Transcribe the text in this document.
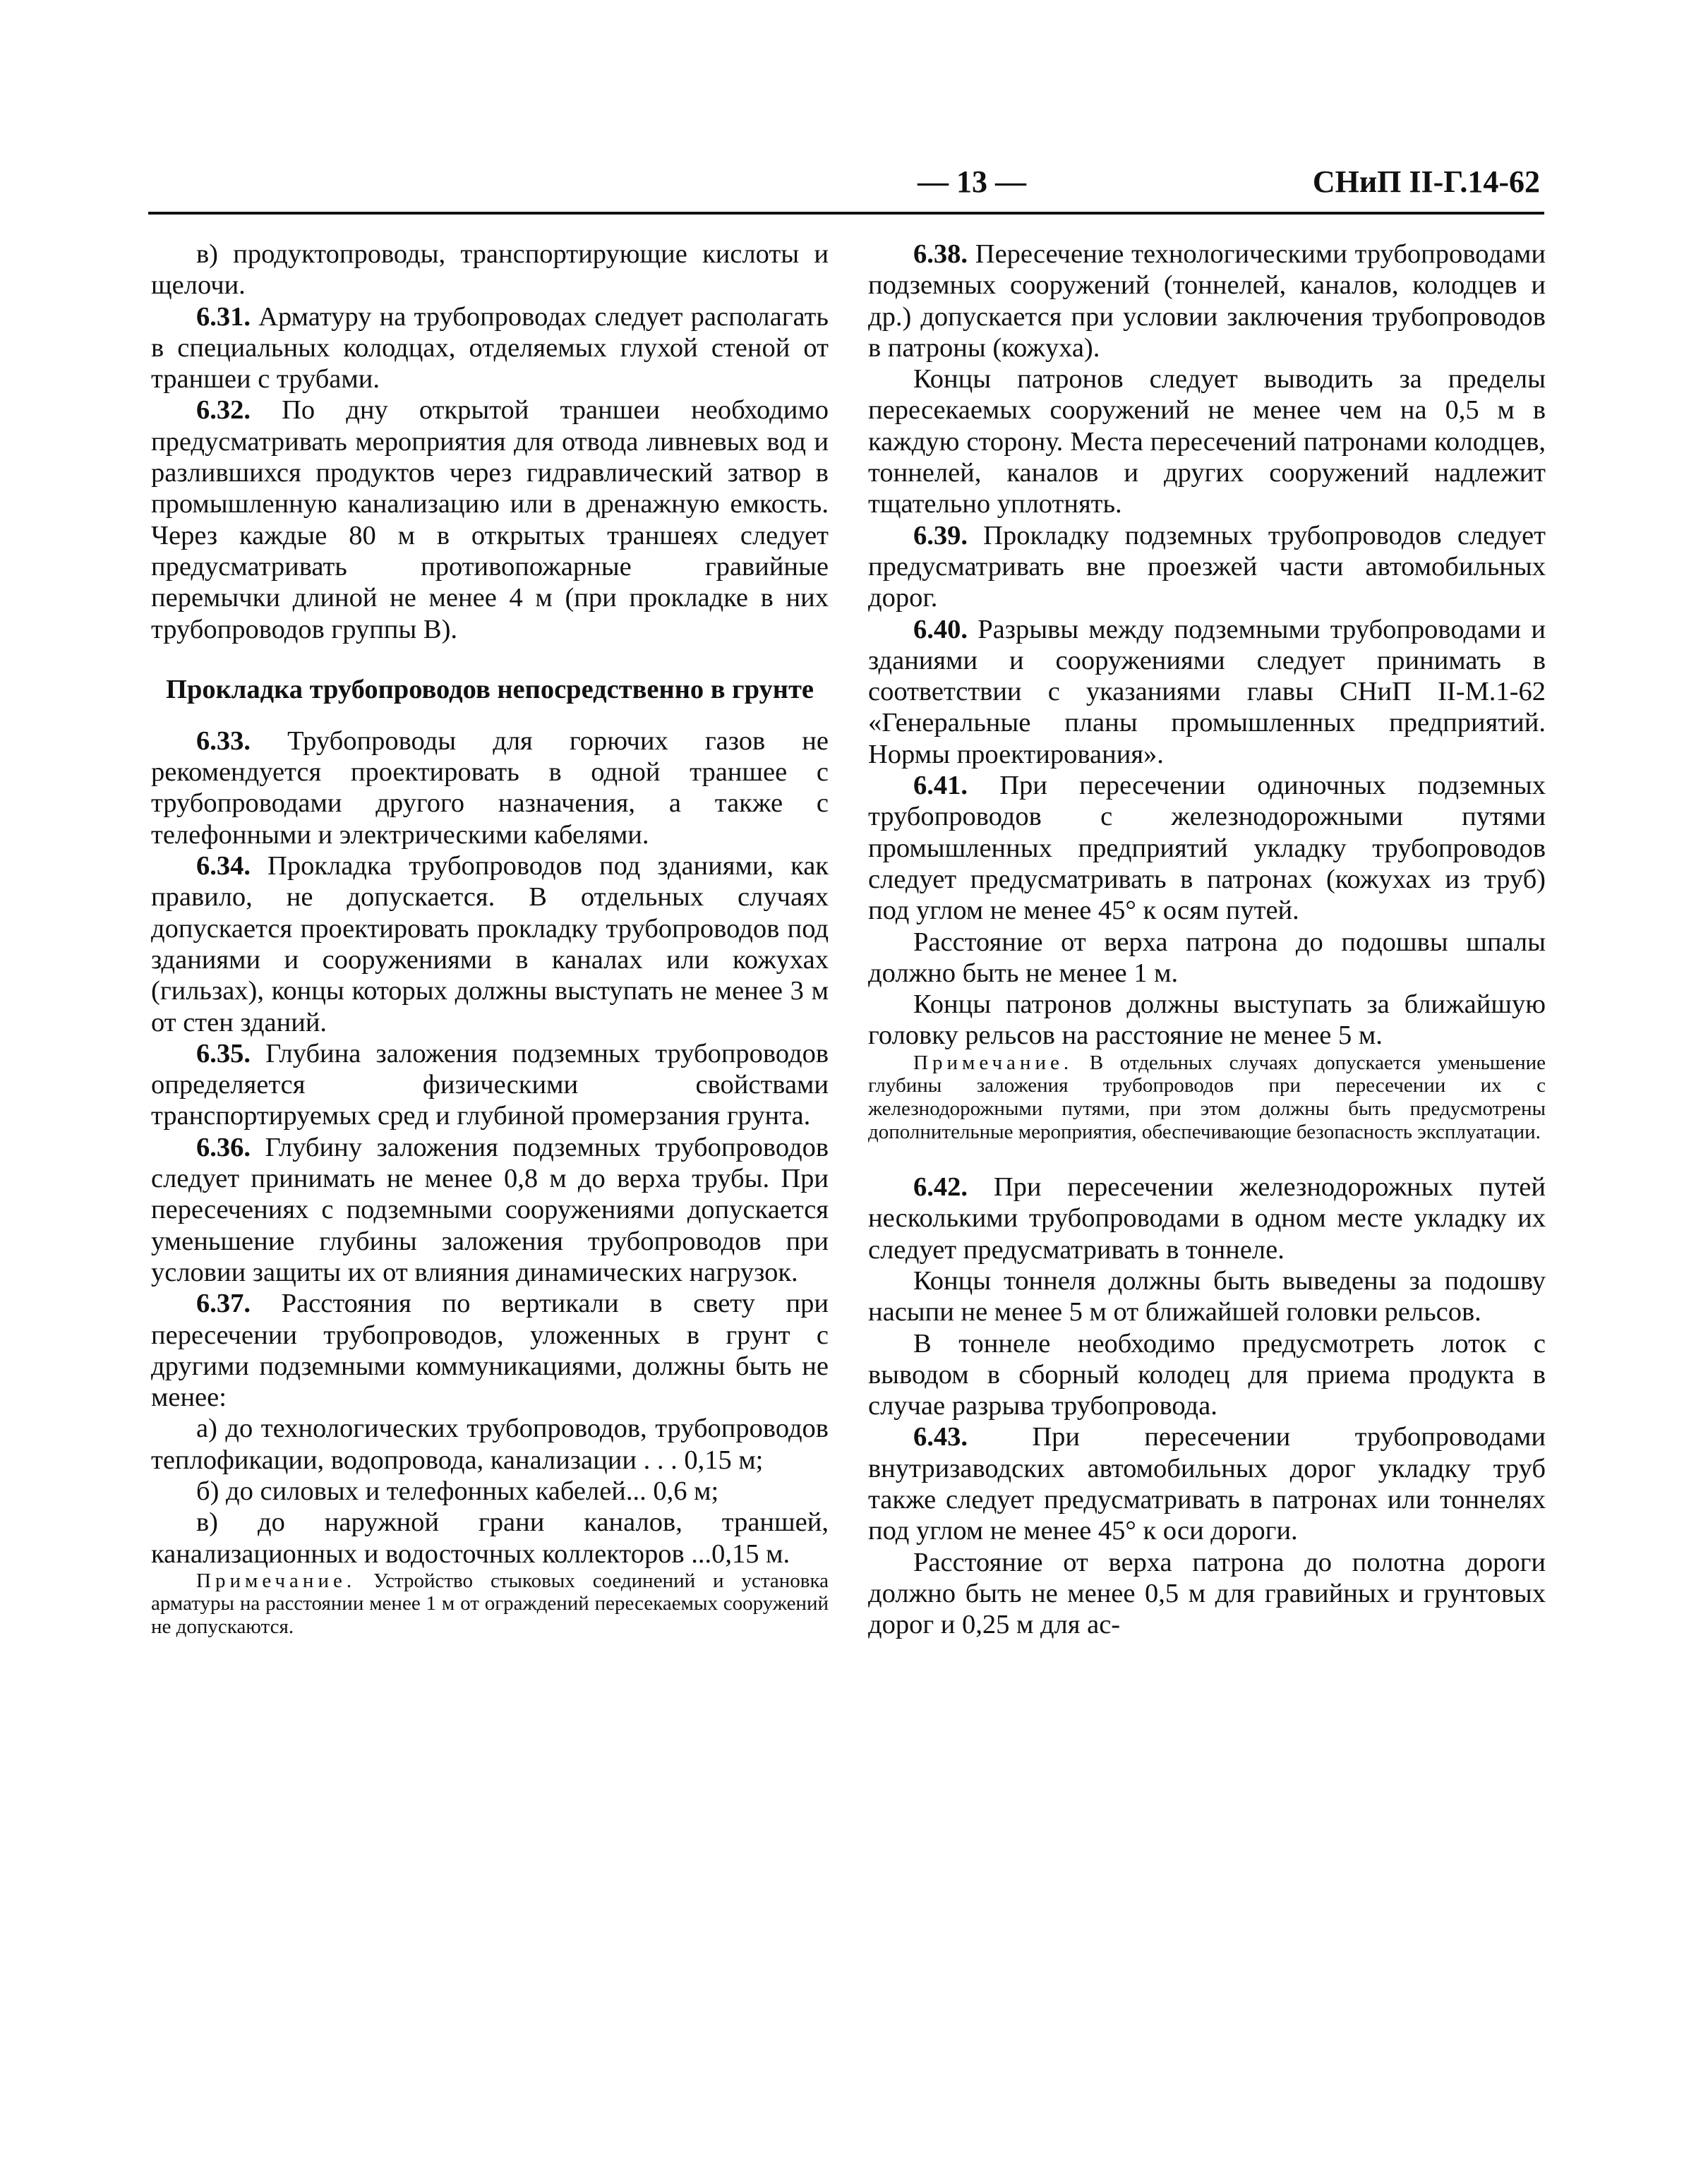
— 13 —	СНиП II-Г.14-62

в) продуктопроводы, транспортирующие кислоты и щелочи.

6.31. Арматуру на трубопроводах следует располагать в специальных колодцах, отделяемых глухой стеной от траншеи с трубами.

6.32. По дну открытой траншеи необходимо предусматривать мероприятия для отвода ливневых вод и разлившихся продуктов через гидравлический затвор в промышленную канализацию или в дренажную емкость. Через каждые 80 м в открытых траншеях следует предусматривать противопожарные гравийные перемычки длиной не менее 4 м (при прокладке в них трубопроводов группы В).

Прокладка трубопроводов непосредственно в грунте

6.33. Трубопроводы для горючих газов не рекомендуется проектировать в одной траншее с трубопроводами другого назначения, а также с телефонными и электрическими кабелями.

6.34. Прокладка трубопроводов под зданиями, как правило, не допускается. В отдельных случаях допускается проектировать прокладку трубопроводов под зданиями и сооружениями в каналах или кожухах (гильзах), концы которых должны выступать не менее 3 м от стен зданий.

6.35. Глубина заложения подземных трубопроводов определяется физическими свойствами транспортируемых сред и глубиной промерзания грунта.

6.36. Глубину заложения подземных трубопроводов следует принимать не менее 0,8 м до верха трубы. При пересечениях с подземными сооружениями допускается уменьшение глубины заложения трубопроводов при условии защиты их от влияния динамических нагрузок.

6.37. Расстояния по вертикали в свету при пересечении трубопроводов, уложенных в грунт с другими подземными коммуникациями, должны быть не менее:

а) до технологических трубопроводов, трубопроводов теплофикации, водопровода, канализации . . . 0,15 м;

б) до силовых и телефонных кабелей... 0,6 м;

в) до наружной грани каналов, траншей, канализационных и водосточных коллекторов ...0,15 м.

Примечание. Устройство стыковых соединений и установка арматуры на расстоянии менее 1 м от ограждений пересекаемых сооружений не допускаются.

6.38. Пересечение технологическими трубопроводами подземных сооружений (тоннелей, каналов, колодцев и др.) допускается при условии заключения трубопроводов в патроны (кожуха).

Концы патронов следует выводить за пределы пересекаемых сооружений не менее чем на 0,5 м в каждую сторону. Места пересечений патронами колодцев, тоннелей, каналов и других сооружений надлежит тщательно уплотнять.

6.39. Прокладку подземных трубопроводов следует предусматривать вне проезжей части автомобильных дорог.

6.40. Разрывы между подземными трубопроводами и зданиями и сооружениями следует принимать в соответствии с указаниями главы СНиП II-М.1-62 «Генеральные планы промышленных предприятий. Нормы проектирования».

6.41. При пересечении одиночных подземных трубопроводов с железнодорожными путями промышленных предприятий укладку трубопроводов следует предусматривать в патронах (кожухах из труб) под углом не менее 45° к осям путей.

Расстояние от верха патрона до подошвы шпалы должно быть не менее 1 м.

Концы патронов должны выступать за ближайшую головку рельсов на расстояние не менее 5 м.

Примечание. В отдельных случаях допускается уменьшение глубины заложения трубопроводов при пересечении их с железнодорожными путями, при этом должны быть предусмотрены дополнительные мероприятия, обеспечивающие безопасность эксплуатации.

6.42. При пересечении железнодорожных путей несколькими трубопроводами в одном месте укладку их следует предусматривать в тоннеле.

Концы тоннеля должны быть выведены за подошву насыпи не менее 5 м от ближайшей головки рельсов.

В тоннеле необходимо предусмотреть лоток с выводом в сборный колодец для приема продукта в случае разрыва трубопровода.

6.43. При пересечении трубопроводами внутризаводских автомобильных дорог укладку труб также следует предусматривать в патронах или тоннелях под углом не менее 45° к оси дороги.

Расстояние от верха патрона до полотна дороги должно быть не менее 0,5 м для гравийных и грунтовых дорог и 0,25 м для ас-
